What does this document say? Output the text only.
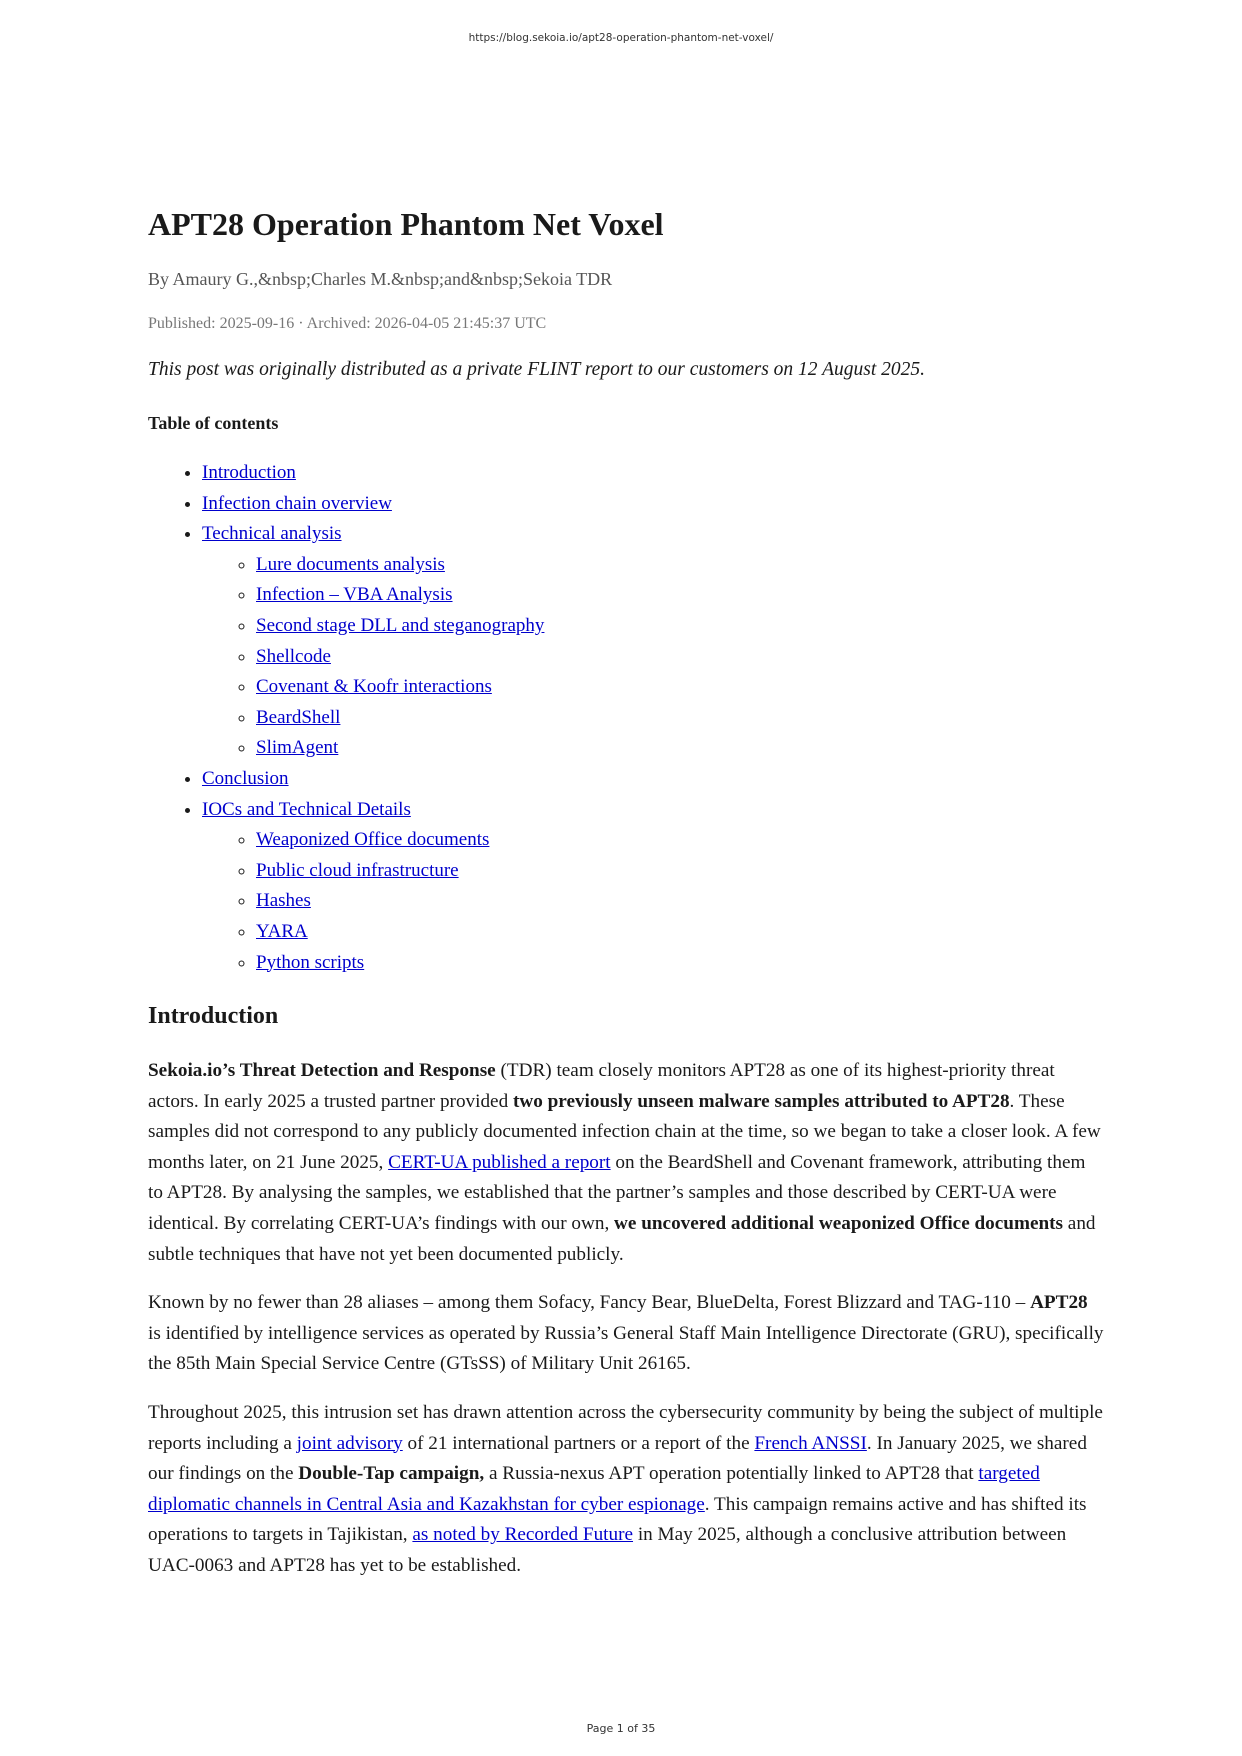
https://blog.sekoia.io/apt28-operation-phantom-net-voxel/
APT28 Operation Phantom Net Voxel
By Amaury G.,&nbsp;Charles M.&nbsp;and&nbsp;Sekoia TDR
Published: 2025-09-16 · Archived: 2026-04-05 21:45:37 UTC
This post was originally distributed as a private FLINT report to our customers on 12 August 2025.
Table of contents
• Introduction
• Infection chain overview
• Technical analysis
◦ Lure documents analysis
◦ Infection – VBA Analysis
◦ Second stage DLL and steganography
◦ Shellcode
◦ Covenant & Koofr interactions
◦ BeardShell
◦ SlimAgent
• Conclusion
• IOCs and Technical Details
◦ Weaponized Office documents
◦ Public cloud infrastructure
◦ Hashes
◦ YARA
◦ Python scripts
Introduction

Sekoia.io’s Threat Detection and Response (TDR) team closely monitors APT28 as one of its highest-priority threat actors. In early 2025 a trusted partner provided two previously unseen malware samples attributed to APT28. These samples did not correspond to any publicly documented infection chain at the time, so we began to take a closer look. A few months later, on 21 June 2025, CERT-UA published a report on the BeardShell and Covenant framework, attributing them to APT28. By analysing the samples, we established that the partner’s samples and those described by CERT-UA were identical. By correlating CERT-UA’s findings with our own, we uncovered additional weaponized Office documents and subtle techniques that have not yet been documented publicly.

Known by no fewer than 28 aliases – among them Sofacy, Fancy Bear, BlueDelta, Forest Blizzard and TAG-110 – APT28 is identified by intelligence services as operated by Russia’s General Staff Main Intelligence Directorate (GRU), specifically the 85th Main Special Service Centre (GTsSS) of Military Unit 26165.

Throughout 2025, this intrusion set has drawn attention across the cybersecurity community by being the subject of multiple reports including a joint advisory of 21 international partners or a report of the French ANSSI. In January 2025, we shared our findings on the Double-Tap campaign, a Russia-nexus APT operation potentially linked to APT28 that targeted diplomatic channels in Central Asia and Kazakhstan for cyber espionage. This campaign remains active and has shifted its operations to targets in Tajikistan, as noted by Recorded Future in May 2025, although a conclusive attribution between UAC-0063 and APT28 has yet to be established.

Page 1 of 35
